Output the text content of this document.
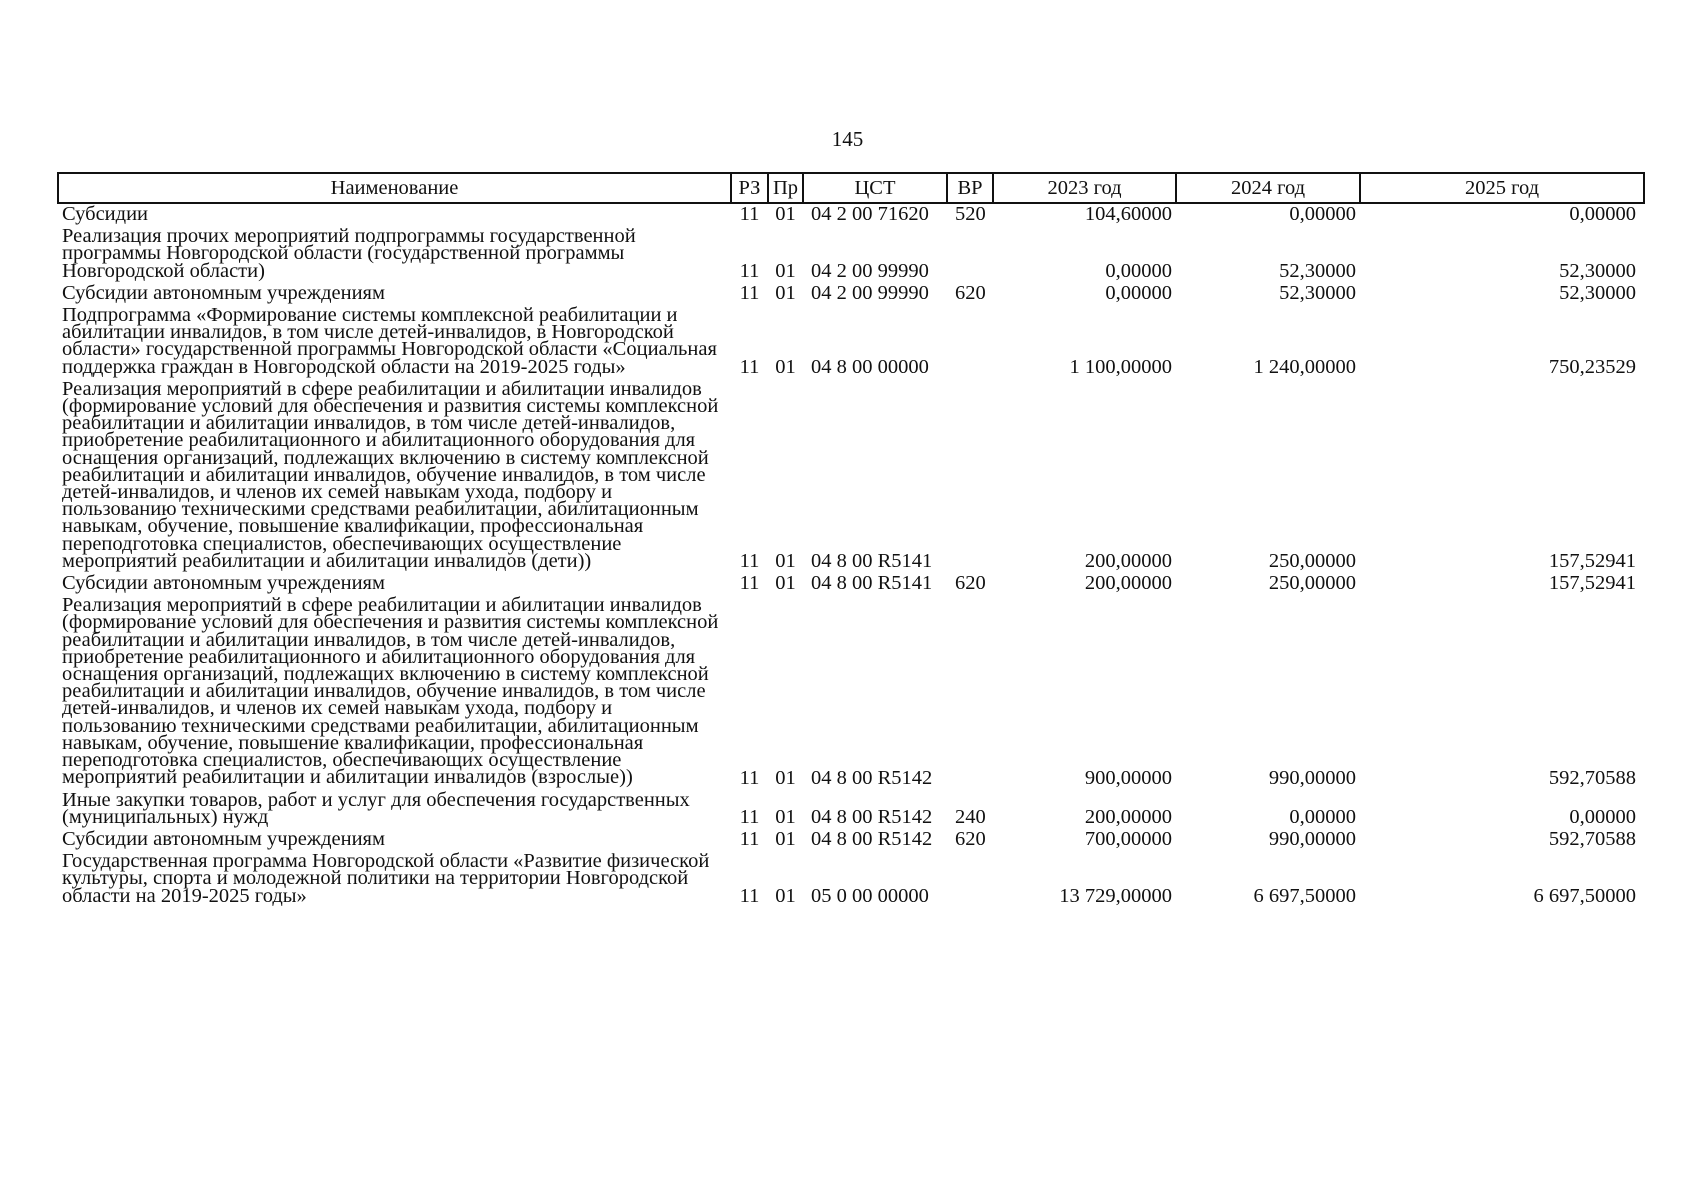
145
Наименование	РЗ	Пр	ЦСТ	ВР	2023 год	2024 год	2025 год
Субсидии	11	01	04 2 00 71620	520	104,60000	0,00000	0,00000
Реализация прочих мероприятий подпрограммы государственной программы Новгородской области (государственной программы Новгородской области)	11	01	04 2 00 99990		0,00000	52,30000	52,30000
Субсидии автономным учреждениям	11	01	04 2 00 99990	620	0,00000	52,30000	52,30000
Подпрограмма «Формирование системы комплексной реабилитации и абилитации инвалидов, в том числе детей-инвалидов, в Новгородской области» государственной программы Новгородской области «Социальная поддержка граждан в Новгородской области на 2019-2025 годы»	11	01	04 8 00 00000		1 100,00000	1 240,00000	750,23529
Реализация мероприятий в сфере реабилитации и абилитации инвалидов (формирование условий для обеспечения и развития системы комплексной реабилитации и абилитации инвалидов, в том числе детей-инвалидов, приобретение реабилитационного и абилитационного оборудования для оснащения организаций, подлежащих включению в систему комплексной реабилитации и абилитации инвалидов, обучение инвалидов, в том числе детей-инвалидов, и членов их семей навыкам ухода, подбору и пользованию техническими средствами реабилитации, абилитационным навыкам, обучение, повышение квалификации, профессиональная переподготовка специалистов, обеспечивающих осуществление мероприятий реабилитации и абилитации инвалидов (дети))	11	01	04 8 00 R5141		200,00000	250,00000	157,52941
Субсидии автономным учреждениям	11	01	04 8 00 R5141	620	200,00000	250,00000	157,52941
Реализация мероприятий в сфере реабилитации и абилитации инвалидов (формирование условий для обеспечения и развития системы комплексной реабилитации и абилитации инвалидов, в том числе детей-инвалидов, приобретение реабилитационного и абилитационного оборудования для оснащения организаций, подлежащих включению в систему комплексной реабилитации и абилитации инвалидов, обучение инвалидов, в том числе детей-инвалидов, и членов их семей навыкам ухода, подбору и пользованию техническими средствами реабилитации, абилитационным навыкам, обучение, повышение квалификации, профессиональная переподготовка специалистов, обеспечивающих осуществление мероприятий реабилитации и абилитации инвалидов (взрослые))	11	01	04 8 00 R5142		900,00000	990,00000	592,70588
Иные закупки товаров, работ и услуг для обеспечения государственных (муниципальных) нужд	11	01	04 8 00 R5142	240	200,00000	0,00000	0,00000
Субсидии автономным учреждениям	11	01	04 8 00 R5142	620	700,00000	990,00000	592,70588
Государственная программа Новгородской области «Развитие физической культуры, спорта и молодежной политики на территории Новгородской области на 2019-2025 годы»	11	01	05 0 00 00000		13 729,00000	6 697,50000	6 697,50000
